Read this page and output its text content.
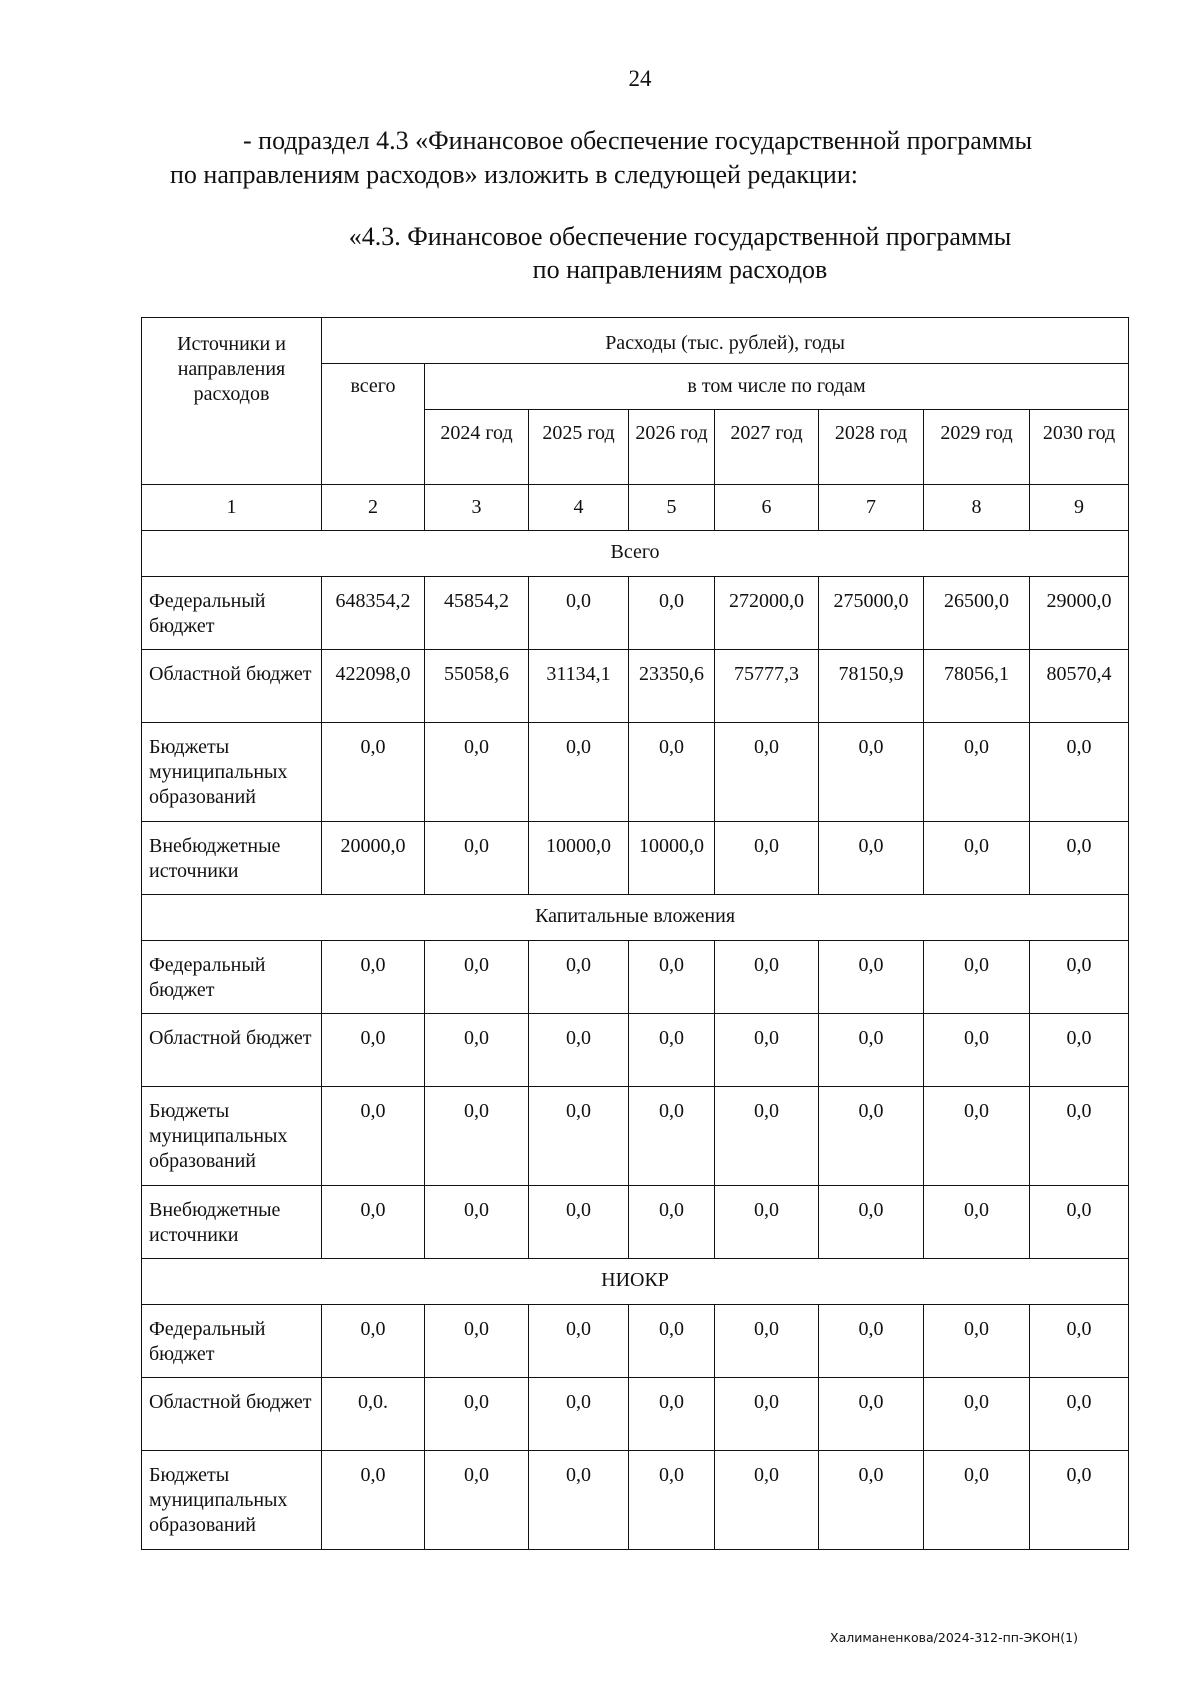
24
- подраздел 4.3 «Финансовое обеспечение государственной программы
по направлениям расходов» изложить в следующей редакции:
«4.3. Финансовое обеспечение государственной программы
по направлениям расходов
Источники и направления расходов	Расходы (тыс. рублей), годы							
	всего	в том числе по годам						
		2024 год	2025 год	2026 год	2027 год	2028 год	2029 год	2030 год
1	2	3	4	5	6	7	8	9
Всего								
Федеральный бюджет	648354,2	45854,2	0,0	0,0	272000,0	275000,0	26500,0	29000,0
Областной бюджет	422098,0	55058,6	31134,1	23350,6	75777,3	78150,9	78056,1	80570,4
Бюджеты муниципальных образований	0,0	0,0	0,0	0,0	0,0	0,0	0,0	0,0
Внебюджетные источники	20000,0	0,0	10000,0	10000,0	0,0	0,0	0,0	0,0
Капитальные вложения								
Федеральный бюджет	0,0	0,0	0,0	0,0	0,0	0,0	0,0	0,0
Областной бюджет	0,0	0,0	0,0	0,0	0,0	0,0	0,0	0,0
Бюджеты муниципальных образований	0,0	0,0	0,0	0,0	0,0	0,0	0,0	0,0
Внебюджетные источники	0,0	0,0	0,0	0,0	0,0	0,0	0,0	0,0
НИОКР								
Федеральный бюджет	0,0	0,0	0,0	0,0	0,0	0,0	0,0	0,0
Областной бюджет	0,0.	0,0	0,0	0,0	0,0	0,0	0,0	0,0
Бюджеты муниципальных образований	0,0	0,0	0,0	0,0	0,0	0,0	0,0	0,0
Халиманенкова/2024-312-пп-ЭКОН(1)
